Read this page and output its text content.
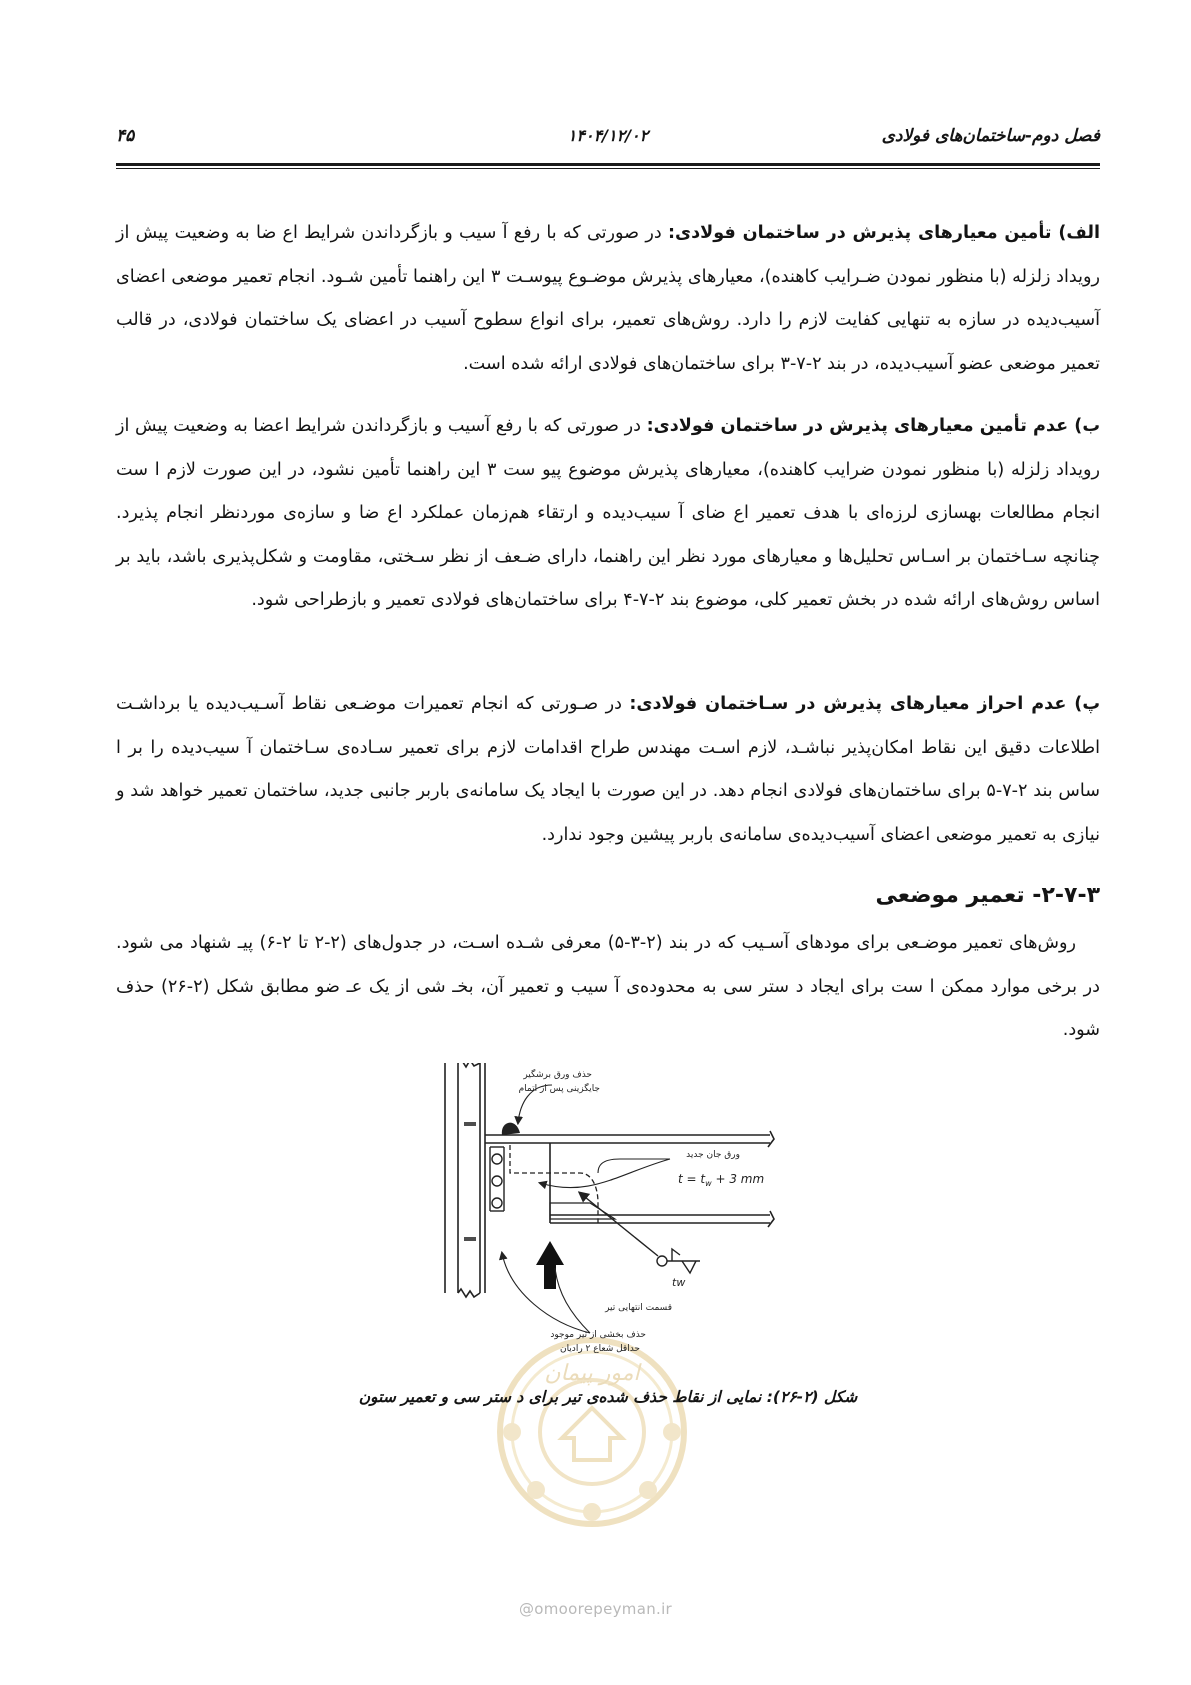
فصل دوم-ساختمان‌های فولادی
۱۴۰۴/۱۲/۰۲
۴۵

الف) تأمین معیارهای پذیرش در ساختمان فولادی: در صورتی که با رفع آ سیب و بازگرداندن شرایط اع ضا به وضعیت پیش از رویداد زلزله (با منظور نمودن ضـرایب کاهنده)، معیارهای پذیرش موضـوع پیوسـت ۳ این راهنما تأمین شـود. انجام تعمیر موضعی اعضای آسیب‌دیده در سازه به تنهایی کفایت لازم را دارد. روش‌های تعمیر، برای انواع سطوح آسیب در اعضای یک ساختمان فولادی، در قالب تعمیر موضعی عضو آسیب‌دیده، در بند ۲-۷-۳ برای ساختمان‌های فولادی ارائه شده است.

ب) عدم تأمین معیارهای پذیرش در ساختمان فولادی: در صورتی که با رفع آسیب و بازگرداندن شرایط اعضا به وضعیت پیش از رویداد زلزله (با منظور نمودن ضرایب کاهنده)، معیارهای پذیرش موضوع پیو ست ۳ این راهنما تأمین نشود، در این صورت لازم ا ست انجام مطالعات بهسازی لرزه‌ای با هدف تعمیر اع ضای آ سیب‌دیده و ارتقاء هم‌زمان عملکرد اع ضا و سازه‌ی موردنظر انجام پذیرد. چنانچه سـاختمان بر اسـاس تحلیل‌ها و معیارهای مورد نظر این راهنما، دارای ضـعف از نظر سـختی، مقاومت و شکل‌پذیری باشد، باید بر اساس روش‌های ارائه شده در بخش تعمیر کلی، موضوع بند ۲-۷-۴ برای ساختمان‌های فولادی تعمیر و بازطراحی شود.

پ) عدم احراز معیارهای پذیرش در سـاختمان فولادی: در صـورتی که انجام تعمیرات موضـعی نقاط آسـیب‌دیده یا برداشـت اطلاعات دقیق این نقاط امکان‌پذیر نباشـد، لازم اسـت مهندس طراح اقدامات لازم برای تعمیر سـاده‌ی سـاختمان آ سیب‌دیده را بر ا ساس بند ۲-۷-۵ برای ساختمان‌های فولادی انجام دهد. در این صورت با ایجاد یک سامانه‌ی باربر جانبی جدید، ساختمان تعمیر خواهد شد و نیازی به تعمیر موضعی اعضای آسیب‌دیده‌ی سامانه‌ی باربر پیشین وجود ندارد.

۲-۷-۳- تعمیر موضعی

روش‌های تعمیر موضـعی برای مودهای آسـیب که در بند (۲-۳-۵) معرفی شـده اسـت، در جدول‌های (۲-۲ تا ۲-۶) پیـ شنهاد می شود. در برخی موارد ممکن ا ست برای ایجاد د ستر سی به محدوده‌ی آ سیب و تعمیر آن، بخـ شی از یک عـ ضو مطابق شکل (۲-۲۶) حذف شود.

امور پیمان
@omoorepeyman.ir
tw
حذف ورق برشگیر
جایگزینی پس از اتمام
ورق جان جدید
$t = t_w + 3$ mm
قسمت انتهایی تیر
حذف بخشی از تیر موجود
حداقل شعاع ۲ رادیان
شکل (۲-۲۶): نمایی از نقاط حذف شده‌ی تیر برای د ستر سی و تعمیر ستون
